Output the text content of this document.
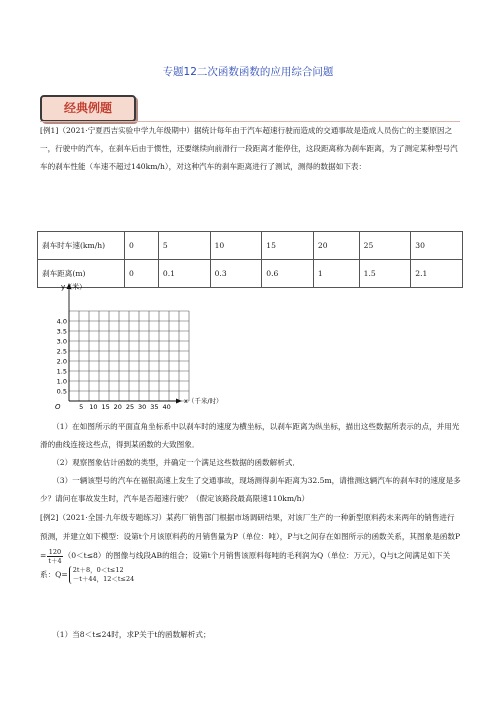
专题12二次函数函数的应用综合问题
经典例题
[例1]（2021·宁夏西吉实验中学九年级期中）据统计每年由于汽车超速行驶而造成的交通事故是造成人员伤亡的主要原因之一，行驶中的汽车，在刹车后由于惯性，还要继续向前滑行一段距离才能停住，这段距离称为刹车距离，为了测定某种型号汽车的刹车性能（车速不超过140km/h），对这种汽车的刹车距离进行了测试，测得的数据如下表：
刹车时车速(km/h)	0	5	10	15	20	25	30
刹车距离(m)	0	0.1	0.3	0.6	1	1.5	2.1
4.0
3.5
3.0
2.5
2.0
1.5
1.0
0.5
5 10 15 20 25 30 35 40
y（米）
x（千米/时）
O
（1）在如图所示的平面直角坐标系中以刹车时的速度为横坐标，以刹车距离为纵坐标，描出这些数据所表示的点，并用光滑的曲线连接这些点，得到某函数的大致图象．
（2）观察图象估计函数的类型，并确定一个满足这些数据的函数解析式．
（3）一辆该型号的汽车在福银高速上发生了交通事故，现场测得刹车距离为32.5m，请推测这辆汽车的刹车时的速度是多少？请问在事故发生时，汽车是否超速行驶？（假定该路段最高限速110km/h）
[例2]（2021·全国·九年级专题练习）某药厂销售部门根据市场调研结果，对该厂生产的一种新型原料药未来两年的销售进行预测，并建立如下模型：设第t个月该原料药的月销售量为P（单位：吨），P与t之间存在如图所示的函数关系，其图象是函数$P= \frac{120}{t+4} (0<t\le 8)$的图像与线段AB的组合；设第t个月销售该原料每吨的毛利润为Q（单位：万元），Q与t之间满足如下关系：Q= 2t＋8，0＜t≤12
－t＋44，12＜t≤24
（1）当8＜t≤24时，求P关于t的函数解析式；
